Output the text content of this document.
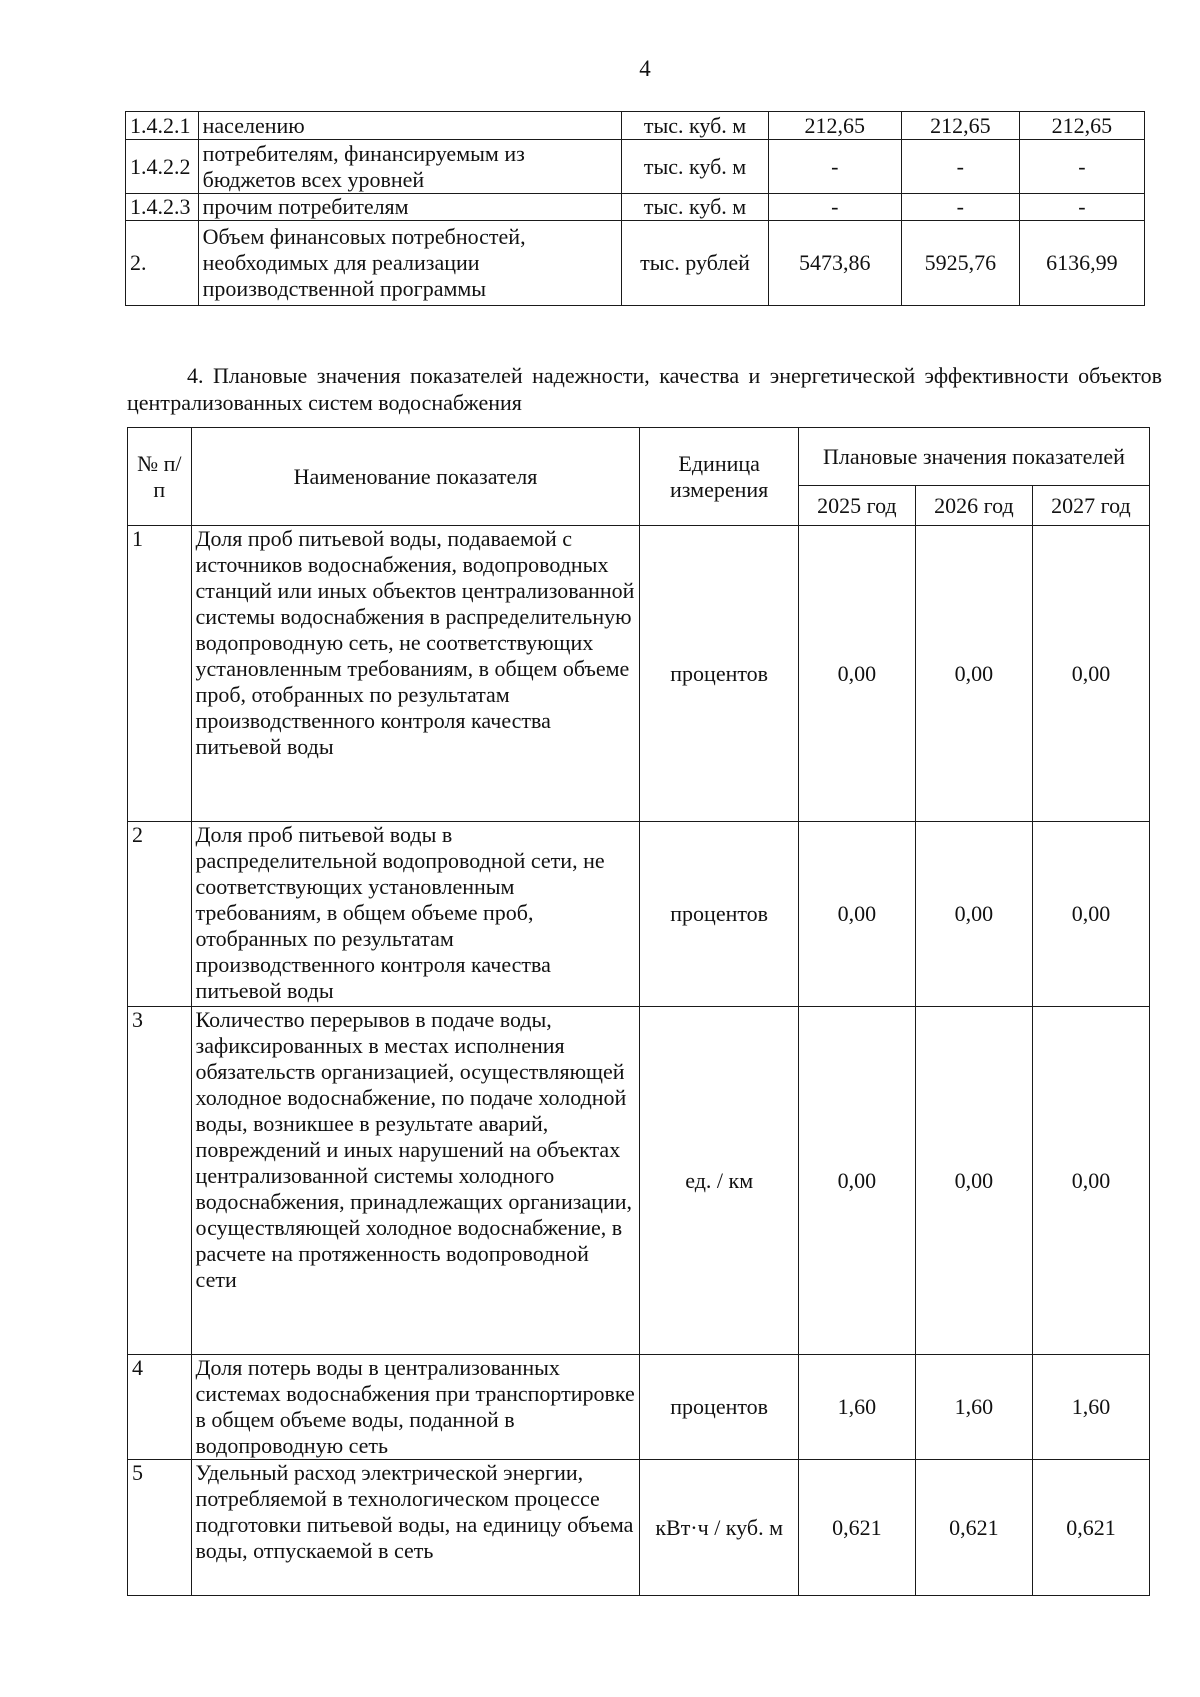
4
1.4.2.1	населению	тыс. куб. м	212,65	212,65	212,65
1.4.2.2	потребителям, финансируемым из бюджетов всех уровней	тыс. куб. м	-	-	-
1.4.2.3	прочим потребителям	тыс. куб. м	-	-	-
2.	Объем финансовых потребностей, необходимых для реализации производственной программы	тыс. рублей	5473,86	5925,76	6136,99
4. Плановые значения показателей надежности, качества и энергетической эффективности объектов централизованных систем водоснабжения
№ п/п	Наименование показателя	Единица измерения	Плановые значения показателей		
			2025 год	2026 год	2027 год
1	Доля проб питьевой воды, подаваемой с источников водоснабжения, водопроводных станций или иных объектов централизованной системы водоснабжения в распределительную водопроводную сеть, не соответствующих установленным требованиям, в общем объеме проб, отобранных по результатам производственного контроля качества питьевой воды	процентов	0,00	0,00	0,00
2	Доля проб питьевой воды в распределительной водопроводной сети, не соответствующих установленным требованиям, в общем объеме проб, отобранных по результатам производственного контроля качества питьевой воды	процентов	0,00	0,00	0,00
3	Количество перерывов в подаче воды, зафиксированных в местах исполнения обязательств организацией, осуществляющей холодное водоснабжение, по подаче холодной воды, возникшее в результате аварий, повреждений и иных нарушений на объектах централизованной системы холодного водоснабжения, принадлежащих организации, осуществляющей холодное водоснабжение, в расчете на протяженность водопроводной сети	ед. / км	0,00	0,00	0,00
4	Доля потерь воды в централизованных системах водоснабжения при транспортировке в общем объеме воды, поданной в водопроводную сеть	процентов	1,60	1,60	1,60
5	Удельный расход электрической энергии, потребляемой в технологическом процессе подготовки питьевой воды, на единицу объема воды, отпускаемой в сеть	кВт·ч / куб. м	0,621	0,621	0,621
